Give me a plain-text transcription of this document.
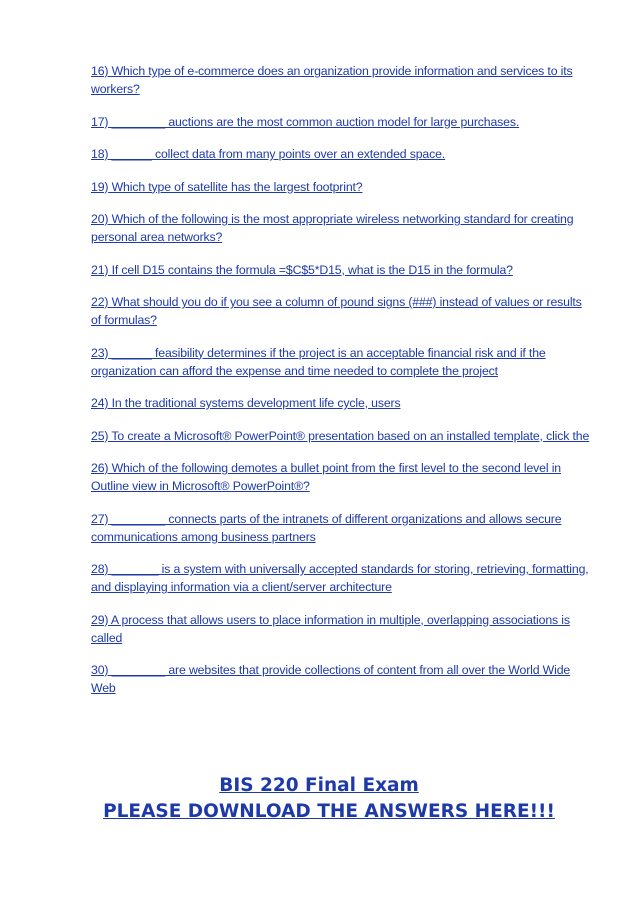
16) Which type of e-commerce does an organization provide information and services to its workers?
17) ________ auctions are the most common auction model for large purchases.
18) ______ collect data from many points over an extended space.
19) Which type of satellite has the largest footprint?
20) Which of the following is the most appropriate wireless networking standard for creating personal area networks?
21) If cell D15 contains the formula =$C$5*D15, what is the D15 in the formula?
22) What should you do if you see a column of pound signs (###) instead of values or results of formulas?
23) ______ feasibility determines if the project is an acceptable financial risk and if the organization can afford the expense and time needed to complete the project
24) In the traditional systems development life cycle, users
25) To create a Microsoft® PowerPoint® presentation based on an installed template, click the
26) Which of the following demotes a bullet point from the first level to the second level in Outline view in Microsoft® PowerPoint®?
27) ________ connects parts of the intranets of different organizations and allows secure communications among business partners
28) _______ is a system with universally accepted standards for storing, retrieving, formatting, and displaying information via a client/server architecture
29) A process that allows users to place information in multiple, overlapping associations is called
30) ________ are websites that provide collections of content from all over the World Wide Web
BIS 220 Final Exam
PLEASE DOWNLOAD THE ANSWERS HERE!!!
